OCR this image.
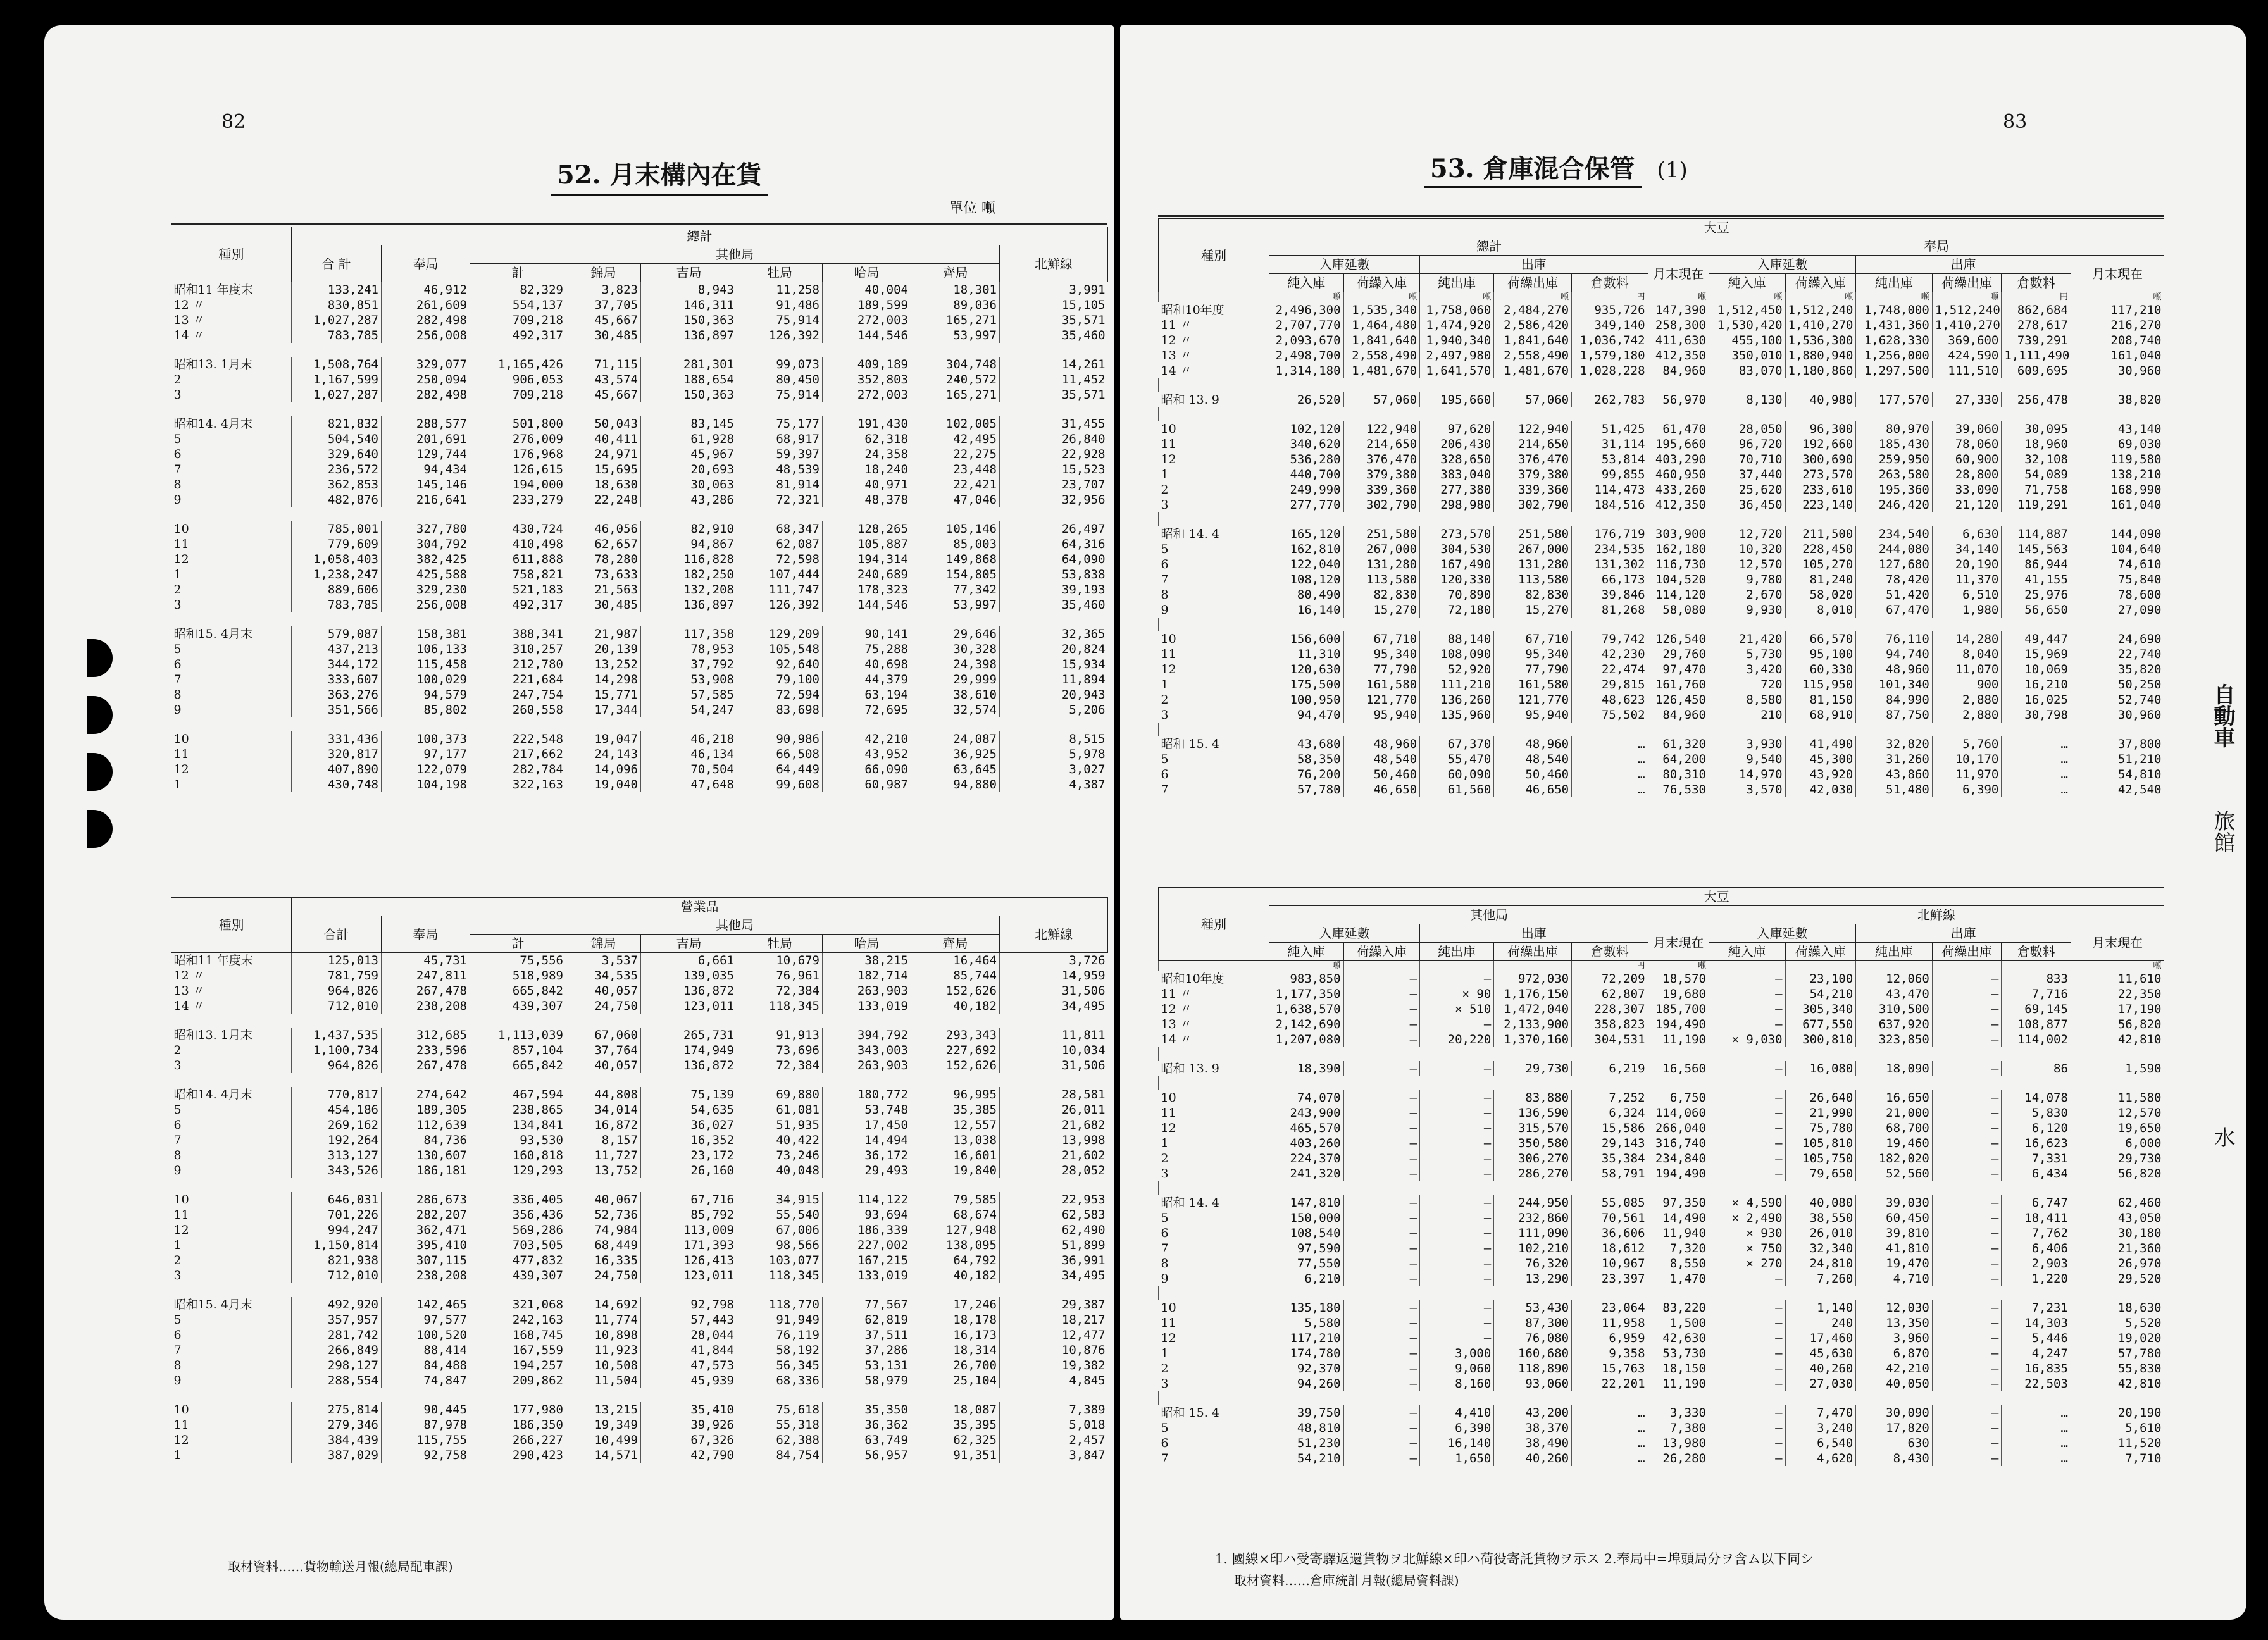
82
52. 月末構內在貨
單位 噸
種別	總計								
	合 計	奉局	其他局						北鮮線
			計	錦局	吉局	牡局	哈局	齊局	
昭和11 年度末	133,241	46,912	82,329	3,823	8,943	11,258	40,004	18,301	3,991
12 〃	830,851	261,609	554,137	37,705	146,311	91,486	189,599	89,036	15,105
13 〃	1,027,287	282,498	709,218	45,667	150,363	75,914	272,003	165,271	35,571
14 〃	783,785	256,008	492,317	30,485	136,897	126,392	144,546	53,997	35,460

昭和13. 1月末	1,508,764	329,077	1,165,426	71,115	281,301	99,073	409,189	304,748	14,261
2	1,167,599	250,094	906,053	43,574	188,654	80,450	352,803	240,572	11,452
3	1,027,287	282,498	709,218	45,667	150,363	75,914	272,003	165,271	35,571

昭和14. 4月末	821,832	288,577	501,800	50,043	83,145	75,177	191,430	102,005	31,455
5	504,540	201,691	276,009	40,411	61,928	68,917	62,318	42,495	26,840
6	329,640	129,744	176,968	24,971	45,967	59,397	24,358	22,275	22,928
7	236,572	94,434	126,615	15,695	20,693	48,539	18,240	23,448	15,523
8	362,853	145,146	194,000	18,630	30,063	81,914	40,971	22,421	23,707
9	482,876	216,641	233,279	22,248	43,286	72,321	48,378	47,046	32,956

10	785,001	327,780	430,724	46,056	82,910	68,347	128,265	105,146	26,497
11	779,609	304,792	410,498	62,657	94,867	62,087	105,887	85,003	64,316
12	1,058,403	382,425	611,888	78,280	116,828	72,598	194,314	149,868	64,090
1	1,238,247	425,588	758,821	73,633	182,250	107,444	240,689	154,805	53,838
2	889,606	329,230	521,183	21,563	132,208	111,747	178,323	77,342	39,193
3	783,785	256,008	492,317	30,485	136,897	126,392	144,546	53,997	35,460

昭和15. 4月末	579,087	158,381	388,341	21,987	117,358	129,209	90,141	29,646	32,365
5	437,213	106,133	310,257	20,139	78,953	105,548	75,288	30,328	20,824
6	344,172	115,458	212,780	13,252	37,792	92,640	40,698	24,398	15,934
7	333,607	100,029	221,684	14,298	53,908	79,100	44,379	29,999	11,894
8	363,276	94,579	247,754	15,771	57,585	72,594	63,194	38,610	20,943
9	351,566	85,802	260,558	17,344	54,247	83,698	72,695	32,574	5,206

10	331,436	100,373	222,548	19,047	46,218	90,986	42,210	24,087	8,515
11	320,817	97,177	217,662	24,143	46,134	66,508	43,952	36,925	5,978
12	407,890	122,079	282,784	14,096	70,504	64,449	66,090	63,645	3,027
1	430,748	104,198	322,163	19,040	47,648	99,608	60,987	94,880	4,387
種別	營業品								
	合計	奉局	其他局						北鮮線
			計	錦局	吉局	牡局	哈局	齊局	
昭和11 年度末	125,013	45,731	75,556	3,537	6,661	10,679	38,215	16,464	3,726
12 〃	781,759	247,811	518,989	34,535	139,035	76,961	182,714	85,744	14,959
13 〃	964,826	267,478	665,842	40,057	136,872	72,384	263,903	152,626	31,506
14 〃	712,010	238,208	439,307	24,750	123,011	118,345	133,019	40,182	34,495

昭和13. 1月末	1,437,535	312,685	1,113,039	67,060	265,731	91,913	394,792	293,343	11,811
2	1,100,734	233,596	857,104	37,764	174,949	73,696	343,003	227,692	10,034
3	964,826	267,478	665,842	40,057	136,872	72,384	263,903	152,626	31,506

昭和14. 4月末	770,817	274,642	467,594	44,808	75,139	69,880	180,772	96,995	28,581
5	454,186	189,305	238,865	34,014	54,635	61,081	53,748	35,385	26,011
6	269,162	112,639	134,841	16,872	36,027	51,935	17,450	12,557	21,682
7	192,264	84,736	93,530	8,157	16,352	40,422	14,494	13,038	13,998
8	313,127	130,607	160,818	11,727	23,172	73,246	36,172	16,601	21,602
9	343,526	186,181	129,293	13,752	26,160	40,048	29,493	19,840	28,052

10	646,031	286,673	336,405	40,067	67,716	34,915	114,122	79,585	22,953
11	701,226	282,207	356,436	52,736	85,792	55,540	93,694	68,674	62,583
12	994,247	362,471	569,286	74,984	113,009	67,006	186,339	127,948	62,490
1	1,150,814	395,410	703,505	68,449	171,393	98,566	227,002	138,095	51,899
2	821,938	307,115	477,832	16,335	126,413	103,077	167,215	64,792	36,991
3	712,010	238,208	439,307	24,750	123,011	118,345	133,019	40,182	34,495

昭和15. 4月末	492,920	142,465	321,068	14,692	92,798	118,770	77,567	17,246	29,387
5	357,957	97,577	242,163	11,774	57,443	91,949	62,819	18,178	18,217
6	281,742	100,520	168,745	10,898	28,044	76,119	37,511	16,173	12,477
7	266,849	88,414	167,559	11,923	41,844	58,192	37,286	18,314	10,876
8	298,127	84,488	194,257	10,508	47,573	56,345	53,131	26,700	19,382
9	288,554	74,847	209,862	11,504	45,939	68,336	58,979	25,104	4,845

10	275,814	90,445	177,980	13,215	35,410	75,618	35,350	18,087	7,389
11	279,346	87,978	186,350	19,349	39,926	55,318	36,362	35,395	5,018
12	384,439	115,755	266,227	10,499	67,326	62,388	63,749	62,325	2,457
1	387,029	92,758	290,423	14,571	42,790	84,754	56,957	91,351	3,847
取材資料……貨物輸送月報(總局配車課)
83
53. 倉庫混合保管 (1)
種別	大豆											
	總計						奉局					
	入庫延數		出庫			月末現在	入庫延數		出庫			月末現在
	純入庫	荷繰入庫	純出庫	荷繰出庫	倉數料		純入庫	荷繰入庫	純出庫	荷繰出庫	倉數料	
	噸	噸	噸	噸	円	噸	噸	噸	噸	噸	円	噸
昭和10年度	2,496,300	1,535,340	1,758,060	2,484,270	935,726	147,390	1,512,450	1,512,240	1,748,000	1,512,240	862,684	117,210
11 〃	2,707,770	1,464,480	1,474,920	2,586,420	349,140	258,300	1,530,420	1,410,270	1,431,360	1,410,270	278,617	216,270
12 〃	2,093,670	1,841,640	1,940,340	1,841,640	1,036,742	411,630	455,100	1,536,300	1,628,330	369,600	739,291	208,740
13 〃	2,498,700	2,558,490	2,497,980	2,558,490	1,579,180	412,350	350,010	1,880,940	1,256,000	424,590	1,111,490	161,040
14 〃	1,314,180	1,481,670	1,641,570	1,481,670	1,028,228	84,960	83,070	1,180,860	1,297,500	111,510	609,695	30,960

昭和 13. 9	26,520	57,060	195,660	57,060	262,783	56,970	8,130	40,980	177,570	27,330	256,478	38,820

10	102,120	122,940	97,620	122,940	51,425	61,470	28,050	96,300	80,970	39,060	30,095	43,140
11	340,620	214,650	206,430	214,650	31,114	195,660	96,720	192,660	185,430	78,060	18,960	69,030
12	536,280	376,470	328,650	376,470	53,814	403,290	70,710	300,690	259,950	60,900	32,108	119,580
1	440,700	379,380	383,040	379,380	99,855	460,950	37,440	273,570	263,580	28,800	54,089	138,210
2	249,990	339,360	277,380	339,360	114,473	433,260	25,620	233,610	195,360	33,090	71,758	168,990
3	277,770	302,790	298,980	302,790	184,516	412,350	36,450	223,140	246,420	21,120	119,291	161,040

昭和 14. 4	165,120	251,580	273,570	251,580	176,719	303,900	12,720	211,500	234,540	6,630	114,887	144,090
5	162,810	267,000	304,530	267,000	234,535	162,180	10,320	228,450	244,080	34,140	145,563	104,640
6	122,040	131,280	167,490	131,280	131,302	116,730	12,570	105,270	127,680	20,190	86,944	74,610
7	108,120	113,580	120,330	113,580	66,173	104,520	9,780	81,240	78,420	11,370	41,155	75,840
8	80,490	82,830	70,890	82,830	39,846	114,120	2,670	58,020	51,420	6,510	25,976	78,600
9	16,140	15,270	72,180	15,270	81,268	58,080	9,930	8,010	67,470	1,980	56,650	27,090

10	156,600	67,710	88,140	67,710	79,742	126,540	21,420	66,570	76,110	14,280	49,447	24,690
11	11,310	95,340	108,090	95,340	42,230	29,760	5,730	95,100	94,740	8,040	15,969	22,740
12	120,630	77,790	52,920	77,790	22,474	97,470	3,420	60,330	48,960	11,070	10,069	35,820
1	175,500	161,580	111,210	161,580	29,815	161,760	720	115,950	101,340	900	16,210	50,250
2	100,950	121,770	136,260	121,770	48,623	126,450	8,580	81,150	84,990	2,880	16,025	52,740
3	94,470	95,940	135,960	95,940	75,502	84,960	210	68,910	87,750	2,880	30,798	30,960

昭和 15. 4	43,680	48,960	67,370	48,960	…	61,320	3,930	41,490	32,820	5,760	…	37,800
5	58,350	48,540	55,470	48,540	…	64,200	9,540	45,300	31,260	10,170	…	51,210
6	76,200	50,460	60,090	50,460	…	80,310	14,970	43,920	43,860	11,970	…	54,810
7	57,780	46,650	61,560	46,650	…	76,530	3,570	42,030	51,480	6,390	…	42,540
種別	大豆											
	其他局						北鮮線					
	入庫延數		出庫			月末現在	入庫延數		出庫			月末現在
	純入庫	荷繰入庫	純出庫	荷繰出庫	倉數料		純入庫	荷繰入庫	純出庫	荷繰出庫	倉數料	
	噸				円	噸						噸
昭和10年度	983,850	—	—	972,030	72,209	18,570	—	23,100	12,060	—	833	11,610
11 〃	1,177,350	—	× 90	1,176,150	62,807	19,680	—	54,210	43,470	—	7,716	22,350
12 〃	1,638,570	—	× 510	1,472,040	228,307	185,700	—	305,340	310,500	—	69,145	17,190
13 〃	2,142,690	—	—	2,133,900	358,823	194,490	—	677,550	637,920	—	108,877	56,820
14 〃	1,207,080	—	20,220	1,370,160	304,531	11,190	× 9,030	300,810	323,850	—	114,002	42,810

昭和 13. 9	18,390	—	—	29,730	6,219	16,560	—	16,080	18,090	—	86	1,590

10	74,070	—	—	83,880	7,252	6,750	—	26,640	16,650	—	14,078	11,580
11	243,900	—	—	136,590	6,324	114,060	—	21,990	21,000	—	5,830	12,570
12	465,570	—	—	315,570	15,586	266,040	—	75,780	68,700	—	6,120	19,650
1	403,260	—	—	350,580	29,143	316,740	—	105,810	19,460	—	16,623	6,000
2	224,370	—	—	306,270	35,384	234,840	—	105,750	182,020	—	7,331	29,730
3	241,320	—	—	286,270	58,791	194,490	—	79,650	52,560	—	6,434	56,820

昭和 14. 4	147,810	—	—	244,950	55,085	97,350	× 4,590	40,080	39,030	—	6,747	62,460
5	150,000	—	—	232,860	70,561	14,490	× 2,490	38,550	60,450	—	18,411	43,050
6	108,540	—	—	111,090	36,606	11,940	× 930	26,010	39,810	—	7,762	30,180
7	97,590	—	—	102,210	18,612	7,320	× 750	32,340	41,810	—	6,406	21,360
8	77,550	—	—	76,320	10,967	8,550	× 270	24,810	19,470	—	2,903	26,970
9	6,210	—	—	13,290	23,397	1,470	—	7,260	4,710	—	1,220	29,520

10	135,180	—	—	53,430	23,064	83,220	—	1,140	12,030	—	7,231	18,630
11	5,580	—	—	87,300	11,958	1,500	—	240	13,350	—	14,303	5,520
12	117,210	—	—	76,080	6,959	42,630	—	17,460	3,960	—	5,446	19,020
1	174,780	—	3,000	160,680	9,358	53,730	—	45,630	6,870	—	4,247	57,780
2	92,370	—	9,060	118,890	15,763	18,150	—	40,260	42,210	—	16,835	55,830
3	94,260	—	8,160	93,060	22,201	11,190	—	27,030	40,050	—	22,503	42,810

昭和 15. 4	39,750	—	4,410	43,200	…	3,330	—	7,470	30,090	—	…	20,190
5	48,810	—	6,390	38,370	…	7,380	—	3,240	17,820	—	…	5,610
6	51,230	—	16,140	38,490	…	13,980	—	6,540	630	—	…	11,520
7	54,210	—	1,650	40,260	…	26,280	—	4,620	8,430	—	…	7,710
1. 國線×印ハ受寄驛返還貨物ヲ北鮮線×印ハ荷役寄託貨物ヲ示ス 2.奉局中=埠頭局分ヲ含ム以下同シ
取材資料……倉庫統計月報(總局資料課)
自動車
旅館
水
